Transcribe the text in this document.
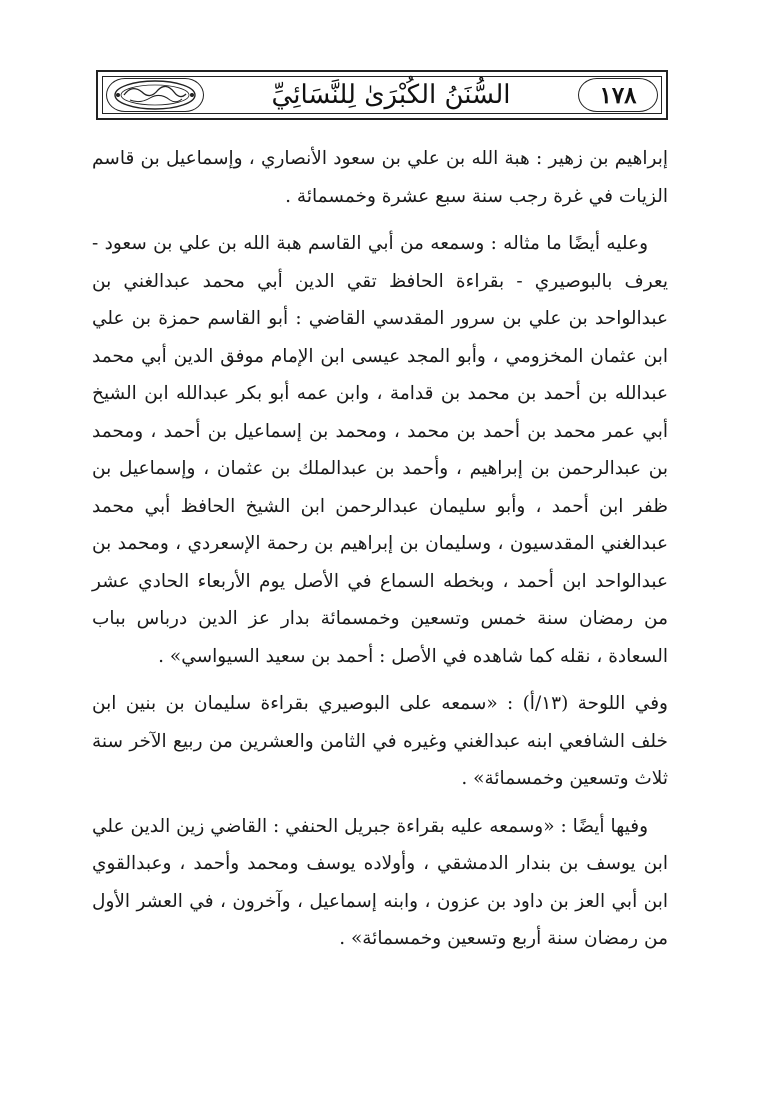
السُّنَنُ الكُبْرَىٰ لِلنَّسَائِيِّ	١٧٨

إبراهيم بن زهير : هبة الله بن علي بن سعود الأنصاري ، وإسماعيل بن قاسم الزيات في غرة رجب سنة سبع عشرة وخمسمائة .

وعليه أيضًا ما مثاله : وسمعه من أبي القاسم هبة الله بن علي بن سعود - يعرف بالبوصيري - بقراءة الحافظ تقي الدين أبي محمد عبدالغني بن عبدالواحد بن علي بن سرور المقدسي القاضي : أبو القاسم حمزة بن علي ابن عثمان المخزومي ، وأبو المجد عيسى ابن الإمام موفق الدين أبي محمد عبدالله بن أحمد بن محمد بن قدامة ، وابن عمه أبو بكر عبدالله ابن الشيخ أبي عمر محمد بن أحمد بن محمد ، ومحمد بن إسماعيل بن أحمد ، ومحمد بن عبدالرحمن بن إبراهيم ، وأحمد بن عبدالملك بن عثمان ، وإسماعيل بن ظفر ابن أحمد ، وأبو سليمان عبدالرحمن ابن الشيخ الحافظ أبي محمد عبدالغني المقدسيون ، وسليمان بن إبراهيم بن رحمة الإسعردي ، ومحمد بن عبدالواحد ابن أحمد ، وبخطه السماع في الأصل يوم الأربعاء الحادي عشر من رمضان سنة خمس وتسعين وخمسمائة بدار عز الدين درباس بباب السعادة ، نقله كما شاهده في الأصل : أحمد بن سعيد السيواسي» .

وفي اللوحة (١٣/أ) : «سمعه على البوصيري بقراءة سليمان بن بنين ابن خلف الشافعي ابنه عبدالغني وغيره في الثامن والعشرين من ربيع الآخر سنة ثلاث وتسعين وخمسمائة» .

وفيها أيضًا : «وسمعه عليه بقراءة جبريل الحنفي : القاضي زين الدين علي ابن يوسف بن بندار الدمشقي ، وأولاده يوسف ومحمد وأحمد ، وعبدالقوي ابن أبي العز بن داود بن عزون ، وابنه إسماعيل ، وآخرون ، في العشر الأول من رمضان سنة أربع وتسعين وخمسمائة» .
